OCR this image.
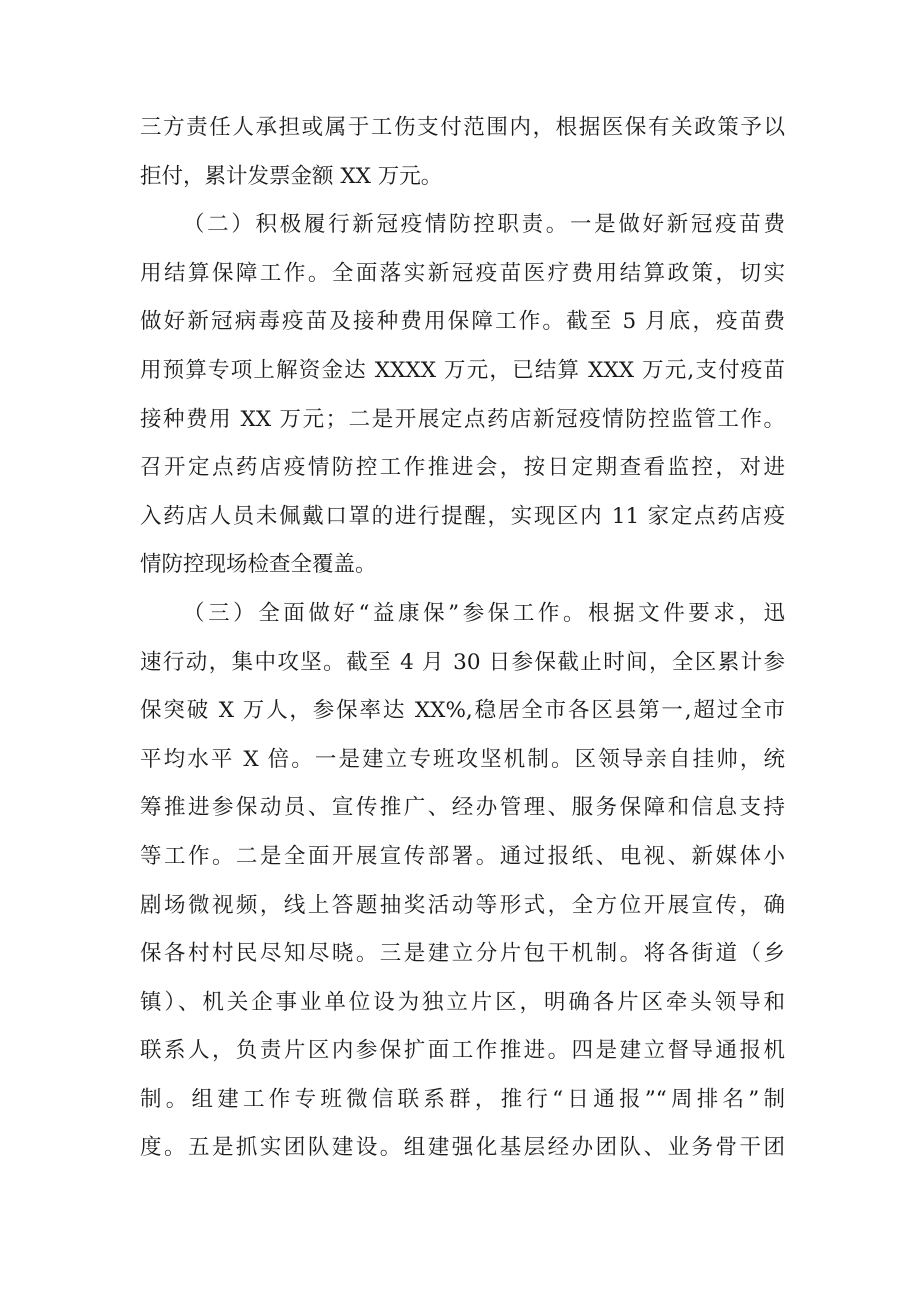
三方责任人承担或属于工伤支付范围内，根据医保有关政策予以
拒付，累计发票金额 XX 万元。
（二）积极履行新冠疫情防控职责。一是做好新冠疫苗费
用结算保障工作。全面落实新冠疫苗医疗费用结算政策，切实
做好新冠病毒疫苗及接种费用保障工作。截至 5 月底，疫苗费
用预算专项上解资金达 XXXX 万元，已结算 XXX 万元,支付疫苗
接种费用 XX 万元；二是开展定点药店新冠疫情防控监管工作。
召开定点药店疫情防控工作推进会，按日定期查看监控，对进
入药店人员未佩戴口罩的进行提醒，实现区内 11 家定点药店疫
情防控现场检查全覆盖。
（三）全面做好“益康保”参保工作。根据文件要求，迅
速行动，集中攻坚。截至 4 月 30 日参保截止时间，全区累计参
保突破 X 万人，参保率达 XX%,稳居全市各区县第一,超过全市
平均水平 X 倍。一是建立专班攻坚机制。区领导亲自挂帅，统
筹推进参保动员、宣传推广、经办管理、服务保障和信息支持
等工作。二是全面开展宣传部署。通过报纸、电视、新媒体小
剧场微视频，线上答题抽奖活动等形式，全方位开展宣传，确
保各村村民尽知尽晓。三是建立分片包干机制。将各街道（乡
镇）、机关企事业单位设为独立片区，明确各片区牵头领导和
联系人，负责片区内参保扩面工作推进。四是建立督导通报机
制。组建工作专班微信联系群，推行“日通报”“周排名”制
度。五是抓实团队建设。组建强化基层经办团队、业务骨干团
